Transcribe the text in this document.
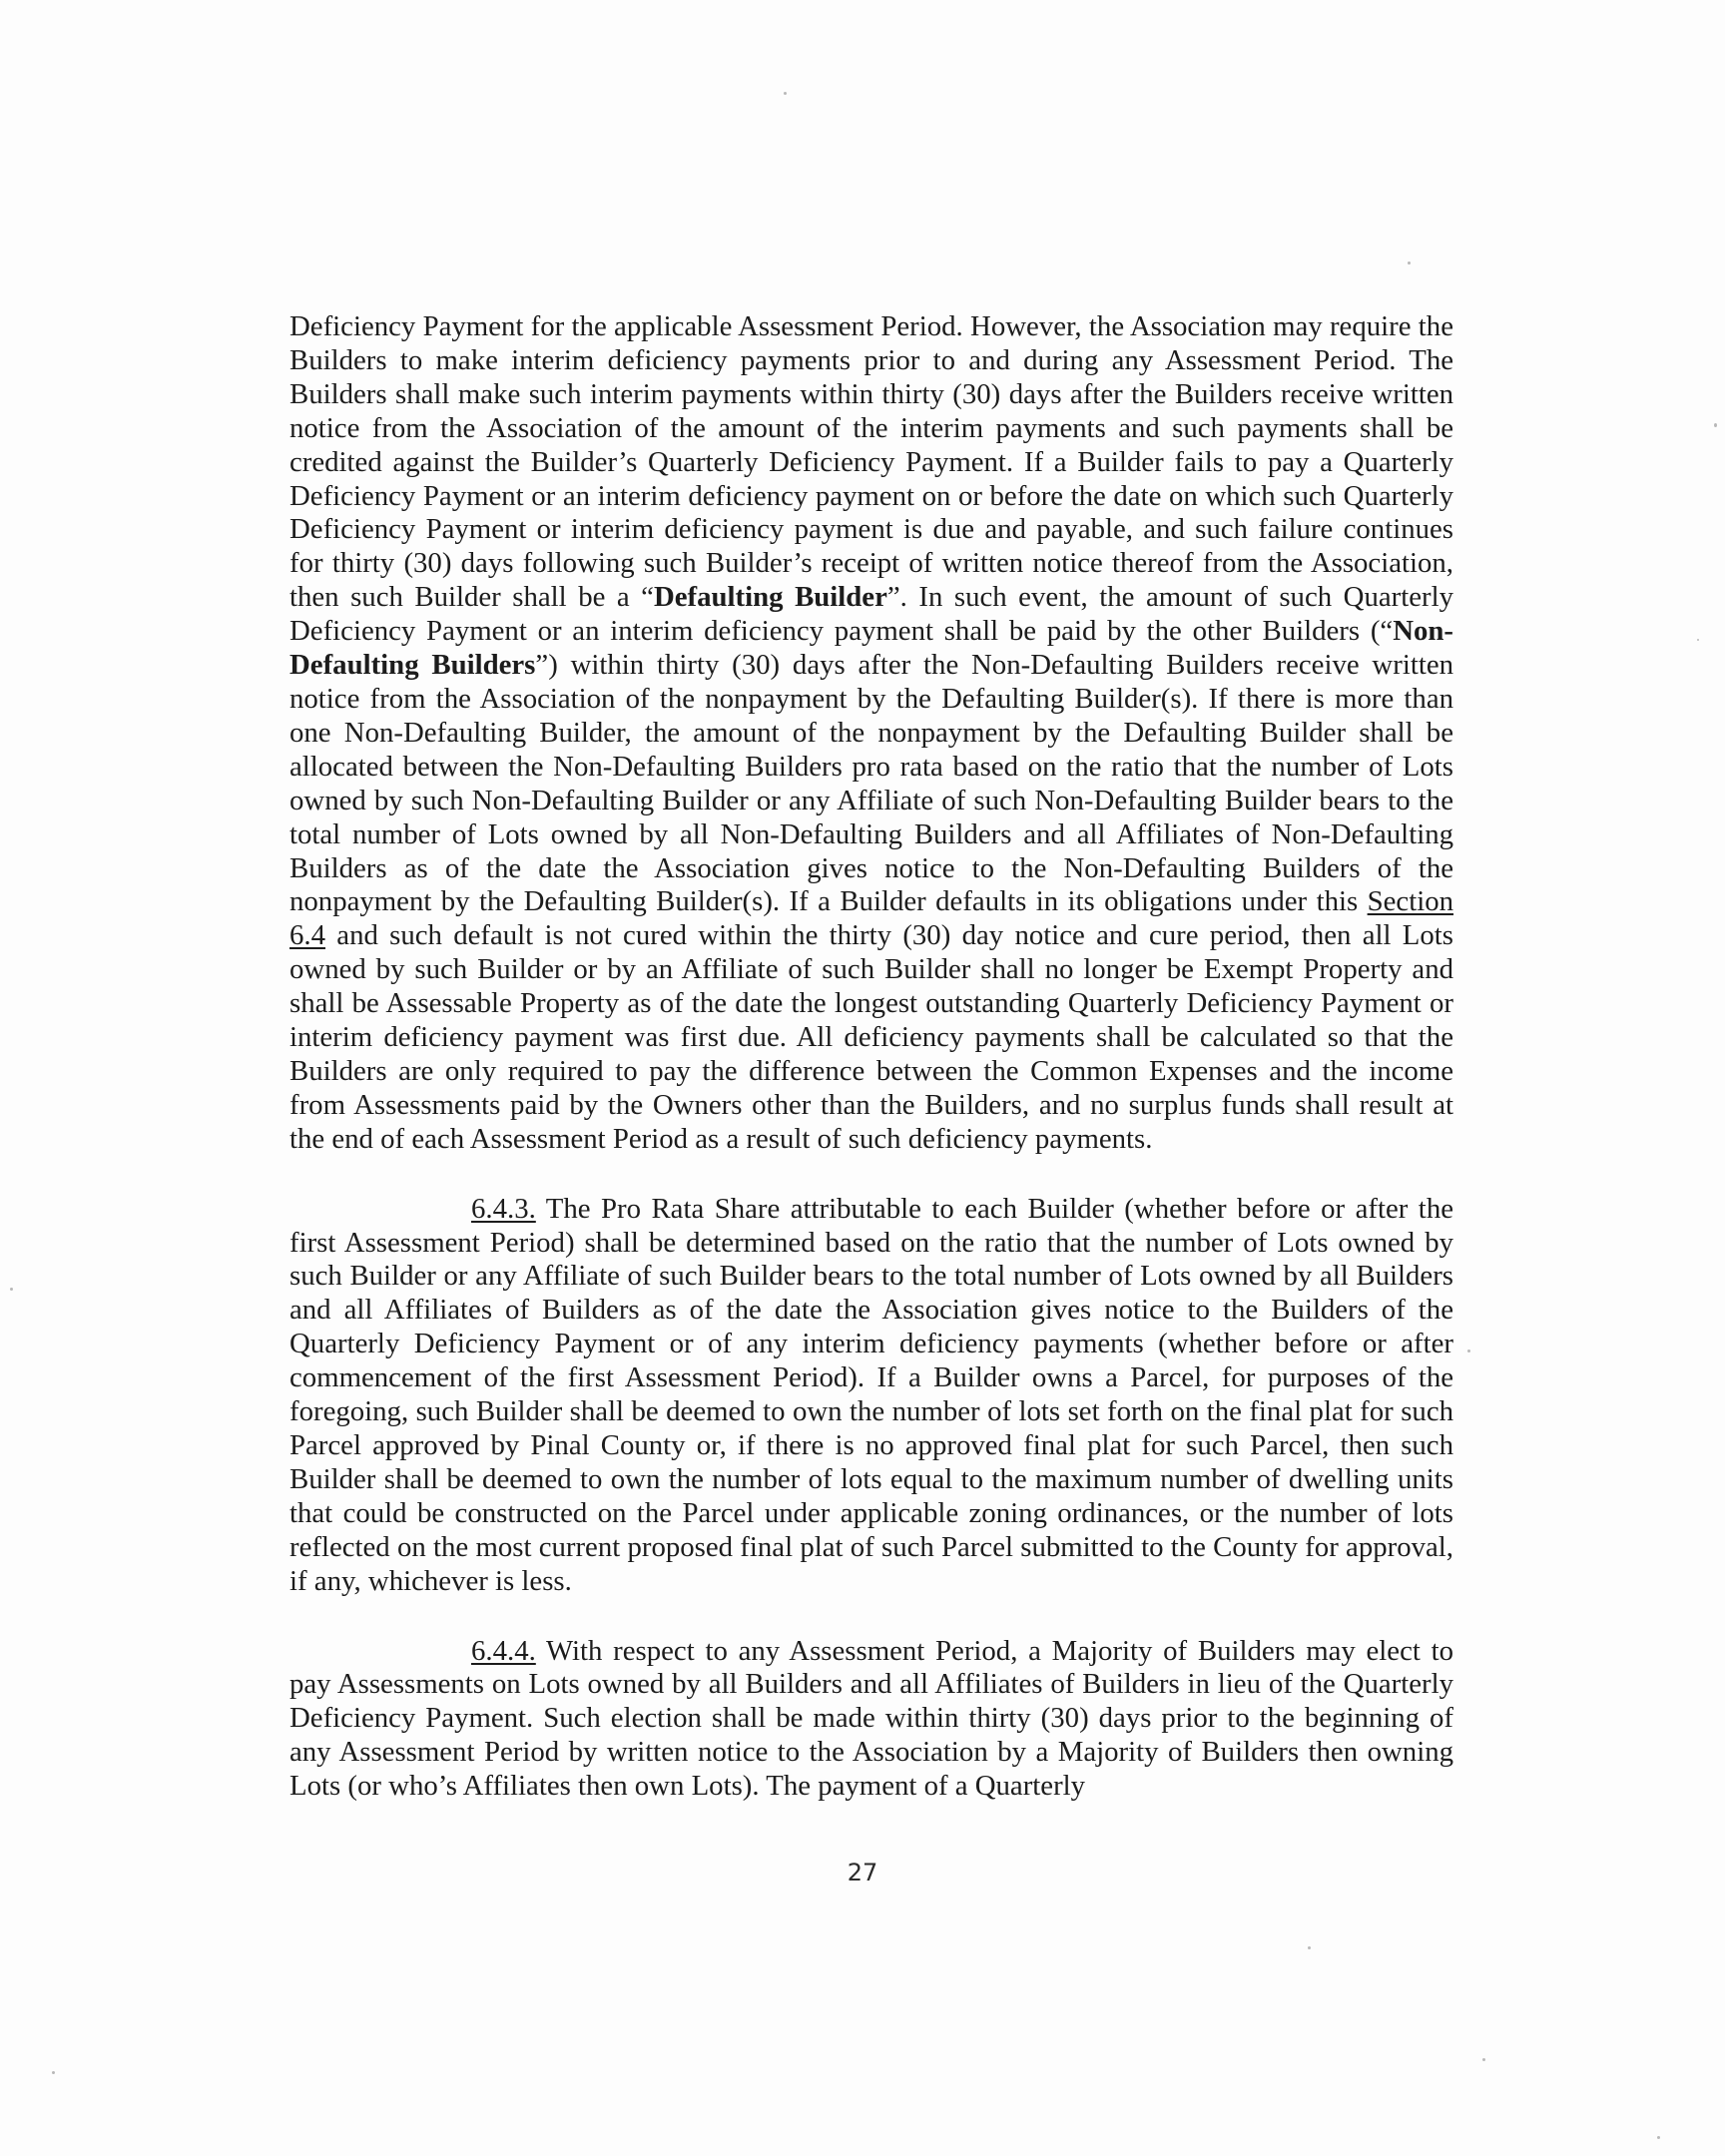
Deficiency Payment for the applicable Assessment Period. However, the Association may require the Builders to make interim deficiency payments prior to and during any Assessment Period. The Builders shall make such interim payments within thirty (30) days after the Builders receive written notice from the Association of the amount of the interim payments and such payments shall be credited against the Builder’s Quarterly Deficiency Payment. If a Builder fails to pay a Quarterly Deficiency Payment or an interim deficiency payment on or before the date on which such Quarterly Deficiency Payment or interim deficiency payment is due and payable, and such failure continues for thirty (30) days following such Builder’s receipt of written notice thereof from the Association, then such Builder shall be a “Defaulting Builder”. In such event, the amount of such Quarterly Deficiency Payment or an interim deficiency payment shall be paid by the other Builders (“Non-Defaulting Builders”) within thirty (30) days after the Non-Defaulting Builders receive written notice from the Association of the nonpayment by the Defaulting Builder(s). If there is more than one Non-Defaulting Builder, the amount of the nonpayment by the Defaulting Builder shall be allocated between the Non-Defaulting Builders pro rata based on the ratio that the number of Lots owned by such Non-Defaulting Builder or any Affiliate of such Non-Defaulting Builder bears to the total number of Lots owned by all Non-Defaulting Builders and all Affiliates of Non-Defaulting Builders as of the date the Association gives notice to the Non-Defaulting Builders of the nonpayment by the Defaulting Builder(s). If a Builder defaults in its obligations under this Section 6.4 and such default is not cured within the thirty (30) day notice and cure period, then all Lots owned by such Builder or by an Affiliate of such Builder shall no longer be Exempt Property and shall be Assessable Property as of the date the longest outstanding Quarterly Deficiency Payment or interim deficiency payment was first due. All deficiency payments shall be calculated so that the Builders are only required to pay the difference between the Common Expenses and the income from Assessments paid by the Owners other than the Builders, and no surplus funds shall result at the end of each Assessment Period as a result of such deficiency payments.

6.4.3. The Pro Rata Share attributable to each Builder (whether before or after the first Assessment Period) shall be determined based on the ratio that the number of Lots owned by such Builder or any Affiliate of such Builder bears to the total number of Lots owned by all Builders and all Affiliates of Builders as of the date the Association gives notice to the Builders of the Quarterly Deficiency Payment or of any interim deficiency payments (whether before or after commencement of the first Assessment Period). If a Builder owns a Parcel, for purposes of the foregoing, such Builder shall be deemed to own the number of lots set forth on the final plat for such Parcel approved by Pinal County or, if there is no approved final plat for such Parcel, then such Builder shall be deemed to own the number of lots equal to the maximum number of dwelling units that could be constructed on the Parcel under applicable zoning ordinances, or the number of lots reflected on the most current proposed final plat of such Parcel submitted to the County for approval, if any, whichever is less.

6.4.4. With respect to any Assessment Period, a Majority of Builders may elect to pay Assessments on Lots owned by all Builders and all Affiliates of Builders in lieu of the Quarterly Deficiency Payment. Such election shall be made within thirty (30) days prior to the beginning of any Assessment Period by written notice to the Association by a Majority of Builders then owning Lots (or who’s Affiliates then own Lots). The payment of a Quarterly

27
